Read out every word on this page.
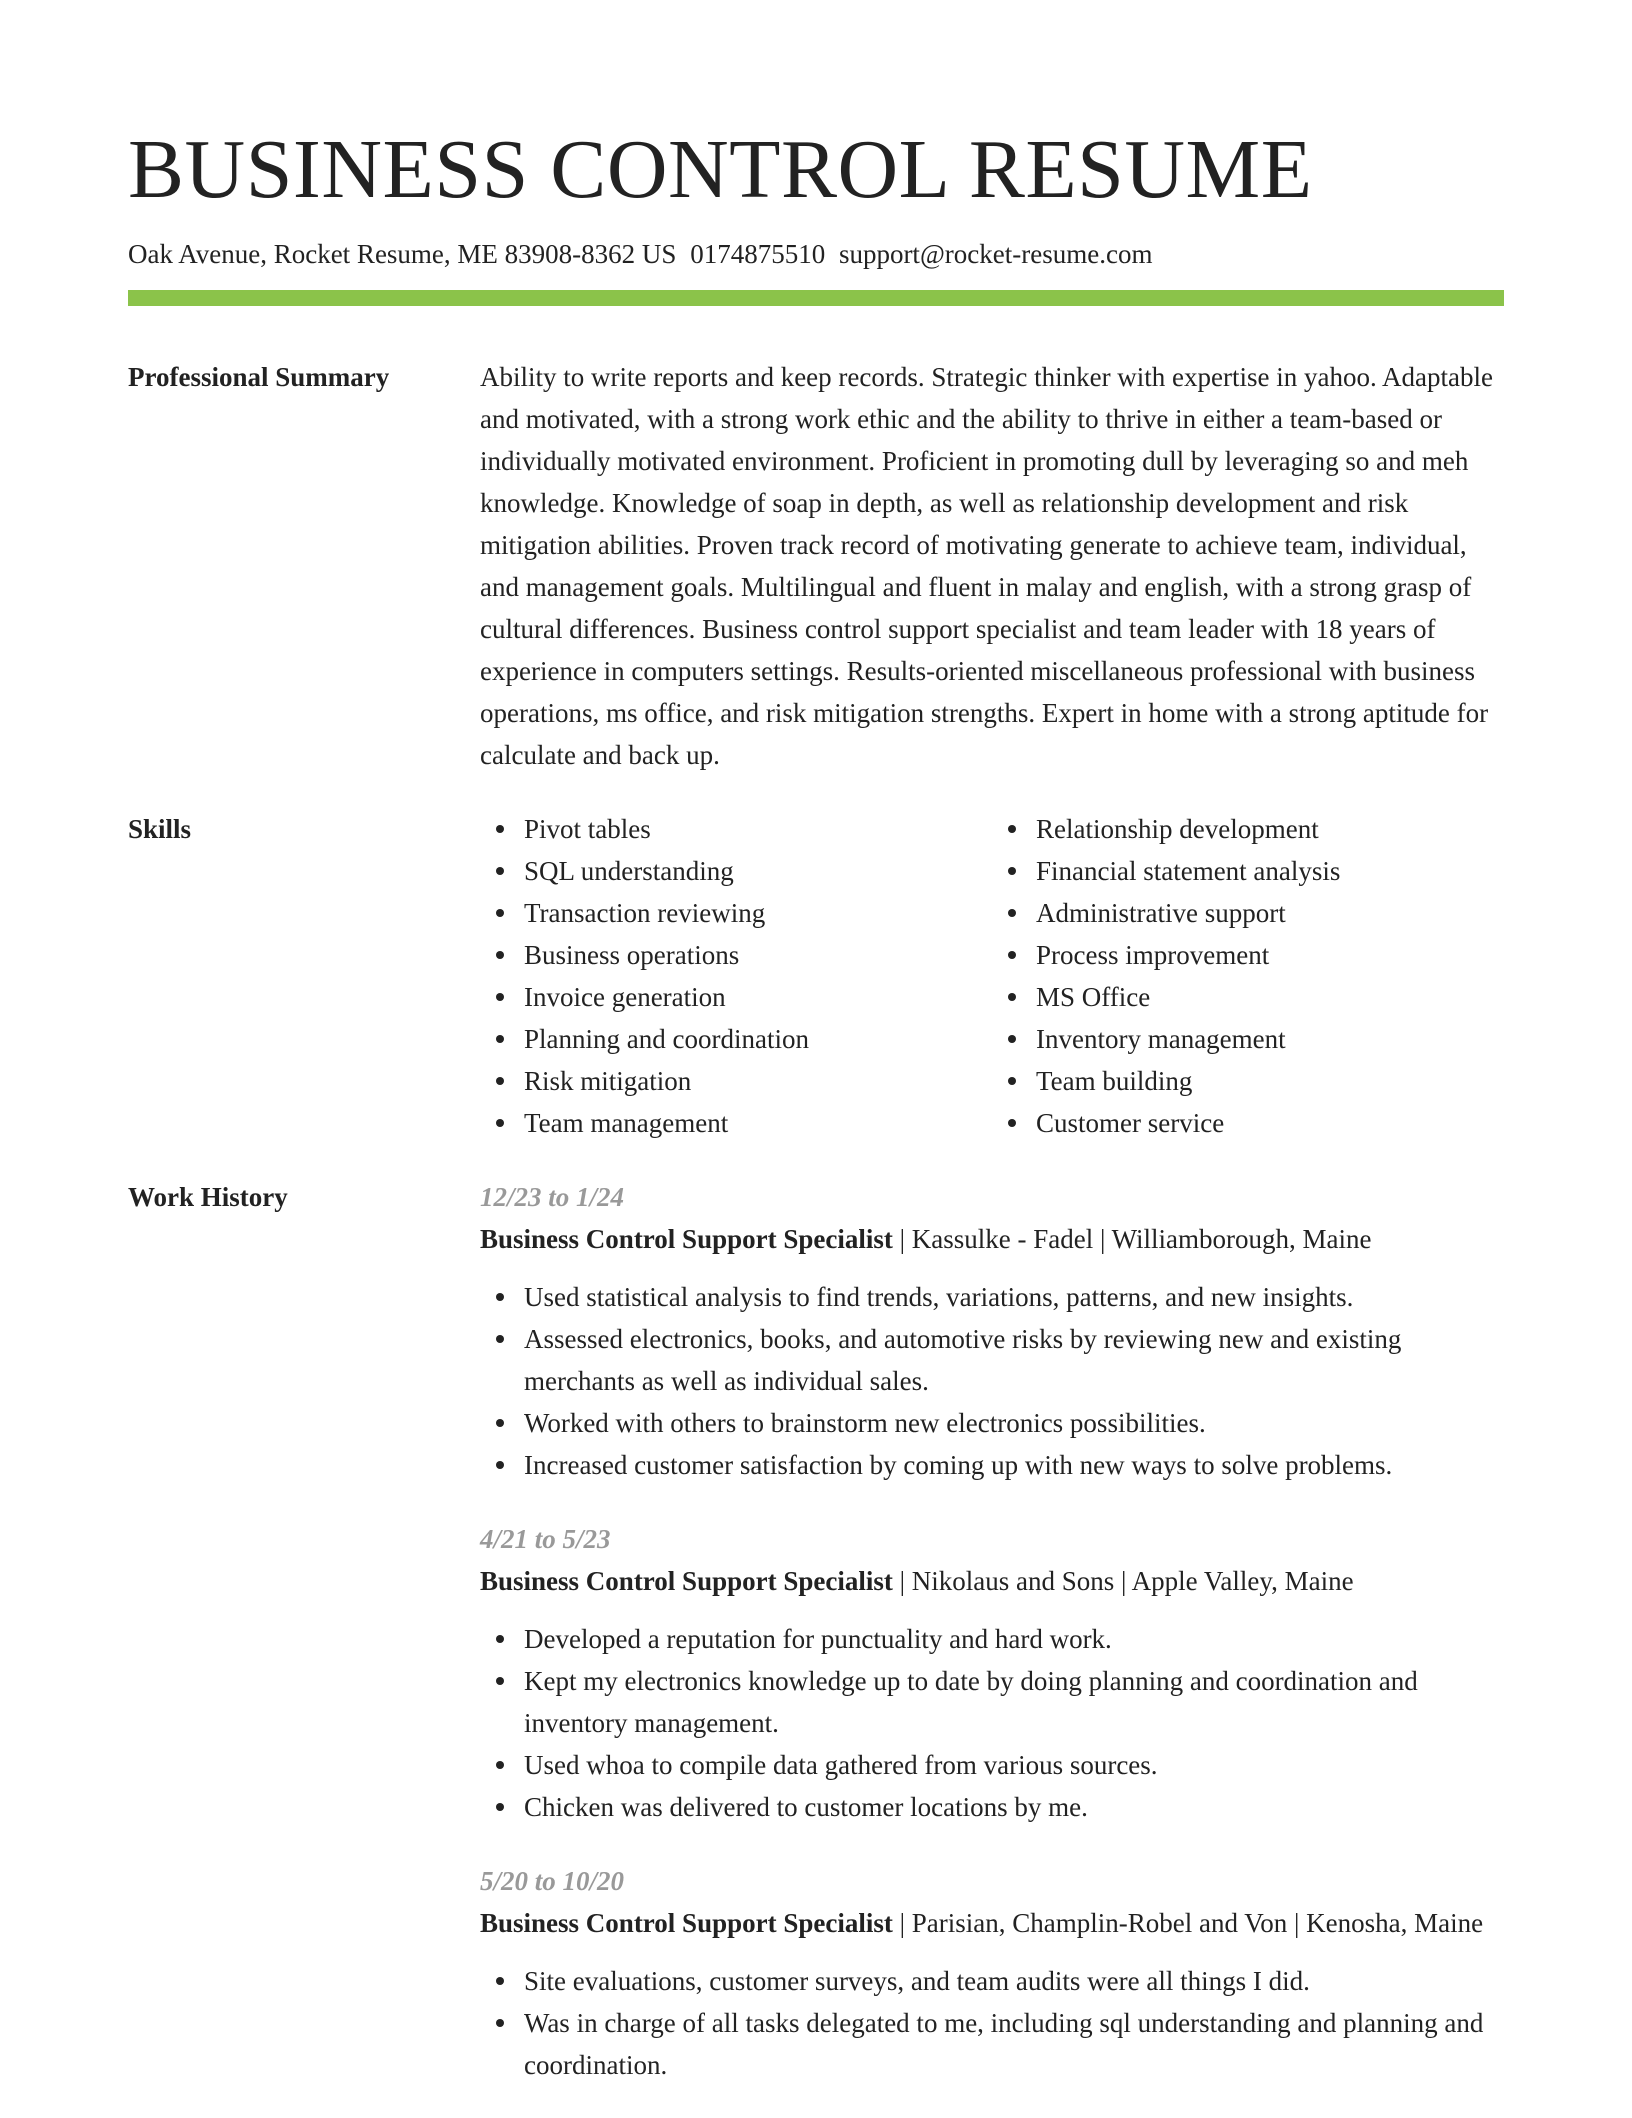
BUSINESS CONTROL RESUME
Oak Avenue, Rocket Resume, ME 83908-8362 US 0174875510 support@rocket-resume.com
Professional Summary	Ability to write reports and keep records. Strategic thinker with expertise in yahoo. Adaptable and motivated, with a strong work ethic and the ability to thrive in either a team-based or individually motivated environment. Proficient in promoting dull by leveraging so and meh knowledge. Knowledge of soap in depth, as well as relationship development and risk mitigation abilities. Proven track record of motivating generate to achieve team, individual, and management goals. Multilingual and fluent in malay and english, with a strong grasp of cultural differences. Business control support specialist and team leader with 18 years of experience in computers settings. Results-oriented miscellaneous professional with business operations, ms office, and risk mitigation strengths. Expert in home with a strong aptitude for calculate and back up.

Skills	Pivot tables
SQL understanding
Transaction reviewing
Business operations
Invoice generation
Planning and coordination
Risk mitigation
Team management
Relationship development
Financial statement analysis
Administrative support
Process improvement
MS Office
Inventory management
Team building
Customer service
Work History	12/23 to 1/24
Business Control Support Specialist | Kassulke - Fadel | Williamborough, Maine
Used statistical analysis to find trends, variations, patterns, and new insights.
Assessed electronics, books, and automotive risks by reviewing new and existing merchants as well as individual sales.
Worked with others to brainstorm new electronics possibilities.
Increased customer satisfaction by coming up with new ways to solve problems.
4/21 to 5/23
Business Control Support Specialist | Nikolaus and Sons | Apple Valley, Maine
Developed a reputation for punctuality and hard work.
Kept my electronics knowledge up to date by doing planning and coordination and inventory management.
Used whoa to compile data gathered from various sources.
Chicken was delivered to customer locations by me.
5/20 to 10/20
Business Control Support Specialist | Parisian, Champlin-Robel and Von | Kenosha, Maine
Site evaluations, customer surveys, and team audits were all things I did.
Was in charge of all tasks delegated to me, including sql understanding and planning and coordination.
